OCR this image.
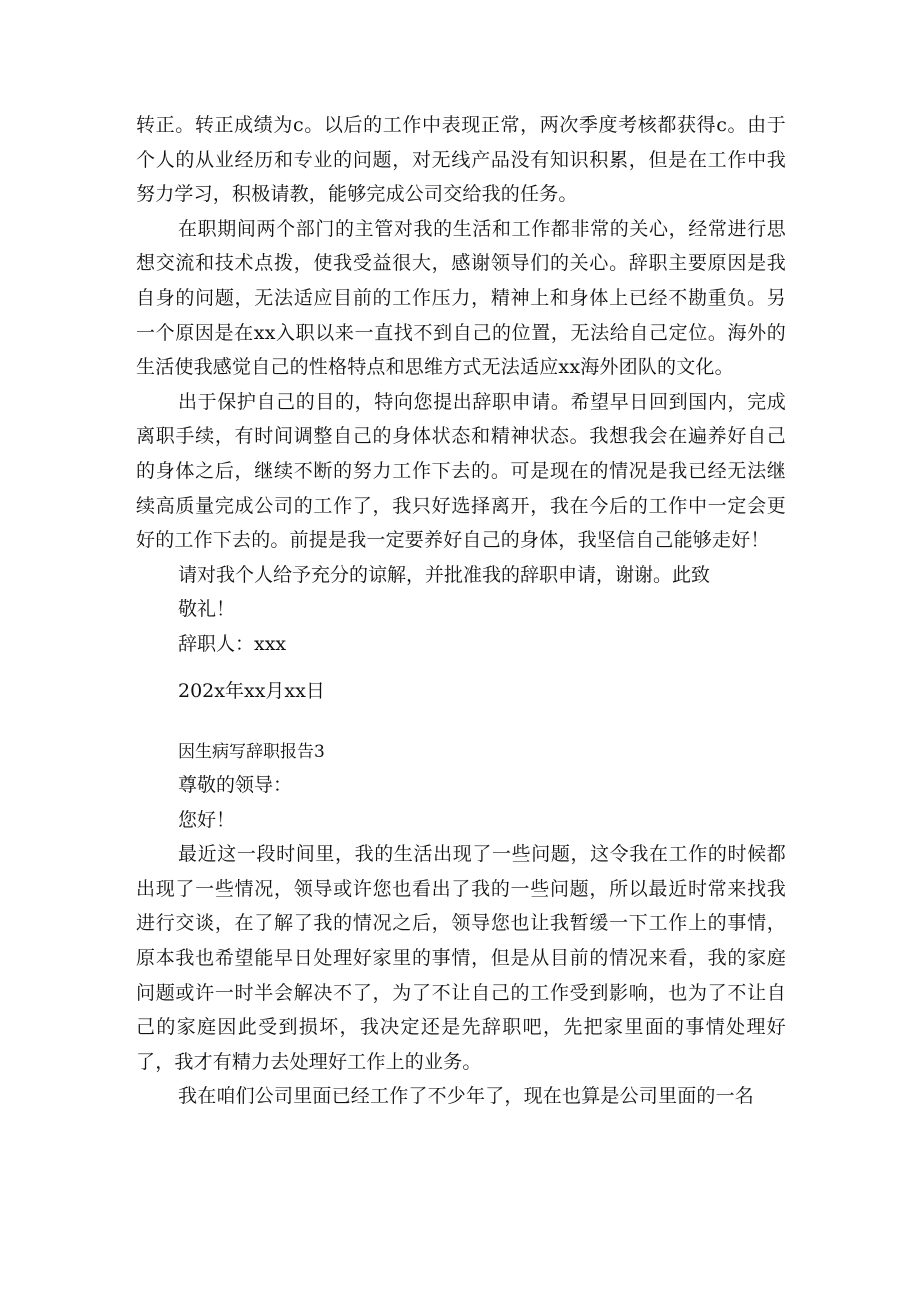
转正。转正成绩为c。以后的工作中表现正常，两次季度考核都获得c。由于个人的从业经历和专业的问题，对无线产品没有知识积累，但是在工作中我努力学习，积极请教，能够完成公司交给我的任务。

在职期间两个部门的主管对我的生活和工作都非常的关心，经常进行思想交流和技术点拨，使我受益很大，感谢领导们的关心。辞职主要原因是我自身的问题，无法适应目前的工作压力，精神上和身体上已经不勘重负。另一个原因是在xx入职以来一直找不到自己的位置，无法给自己定位。海外的生活使我感觉自己的性格特点和思维方式无法适应xx海外团队的文化。

出于保护自己的目的，特向您提出辞职申请。希望早日回到国内，完成离职手续，有时间调整自己的身体状态和精神状态。我想我会在遍养好自己的身体之后，继续不断的努力工作下去的。可是现在的情况是我已经无法继续高质量完成公司的工作了，我只好选择离开，我在今后的工作中一定会更好的工作下去的。前提是我一定要养好自己的身体，我坚信自己能够走好！

请对我个人给予充分的谅解，并批准我的辞职申请，谢谢。此致

敬礼！

辞职人：xxx

202x年xx月xx日

因生病写辞职报告3

尊敬的领导：

您好！

最近这一段时间里，我的生活出现了一些问题，这令我在工作的时候都出现了一些情况，领导或许您也看出了我的一些问题，所以最近时常来找我进行交谈，在了解了我的情况之后，领导您也让我暂缓一下工作上的事情，原本我也希望能早日处理好家里的事情，但是从目前的情况来看，我的家庭问题或许一时半会解决不了，为了不让自己的工作受到影响，也为了不让自己的家庭因此受到损坏，我决定还是先辞职吧，先把家里面的事情处理好了，我才有精力去处理好工作上的业务。

我在咱们公司里面已经工作了不少年了，现在也算是公司里面的一名
